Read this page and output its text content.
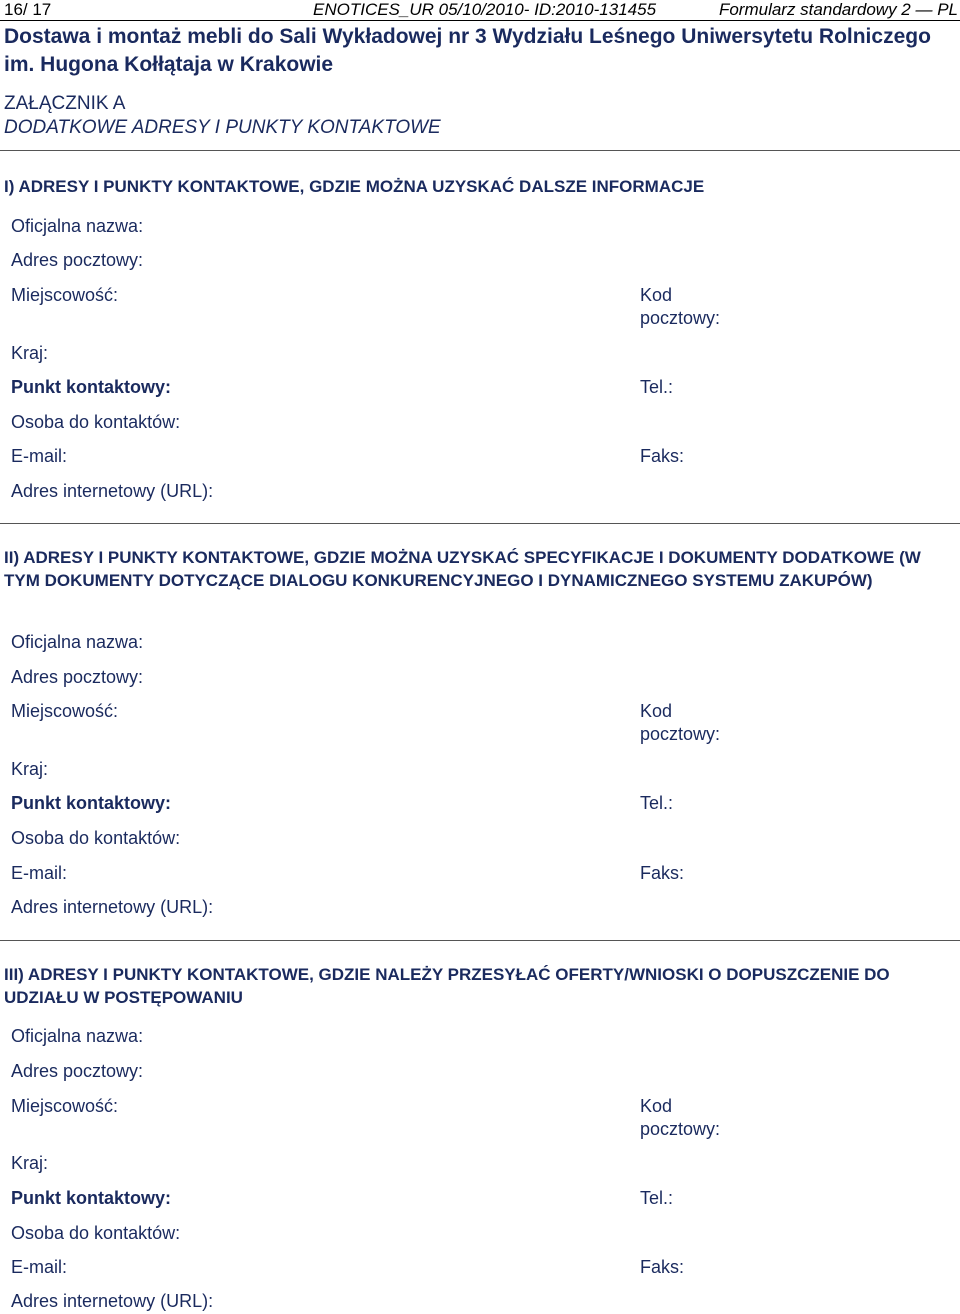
16/ 17	ENOTICES_UR 05/10/2010- ID:2010-131455	Formularz standardowy 2 — PL
Dostawa i montaż mebli do Sali Wykładowej nr 3 Wydziału Leśnego Uniwersytetu Rolniczego im. Hugona Kołłątaja w Krakowie
ZAŁĄCZNIK A
DODATKOWE ADRESY I PUNKTY KONTAKTOWE
I) ADRESY I PUNKTY KONTAKTOWE, GDZIE MOŻNA UZYSKAĆ DALSZE INFORMACJE
Oficjalna nazwa:
Adres pocztowy:
Miejscowość:	Kod
pocztowy:
Kraj:
Punkt kontaktowy:	Tel.:
Osoba do kontaktów:
E-mail:	Faks:
Adres internetowy (URL):
II) ADRESY I PUNKTY KONTAKTOWE, GDZIE MOŻNA UZYSKAĆ SPECYFIKACJE I DOKUMENTY DODATKOWE (W TYM DOKUMENTY DOTYCZĄCE DIALOGU KONKURENCYJNEGO I DYNAMICZNEGO SYSTEMU ZAKUPÓW)
Oficjalna nazwa:
Adres pocztowy:
Miejscowość:	Kod
pocztowy:
Kraj:
Punkt kontaktowy:	Tel.:
Osoba do kontaktów:
E-mail:	Faks:
Adres internetowy (URL):
III) ADRESY I PUNKTY KONTAKTOWE, GDZIE NALEŻY PRZESYŁAĆ OFERTY/WNIOSKI O DOPUSZCZENIE DO UDZIAŁU W POSTĘPOWANIU
Oficjalna nazwa:
Adres pocztowy:
Miejscowość:	Kod
pocztowy:
Kraj:
Punkt kontaktowy:	Tel.:
Osoba do kontaktów:
E-mail:	Faks:
Adres internetowy (URL):
